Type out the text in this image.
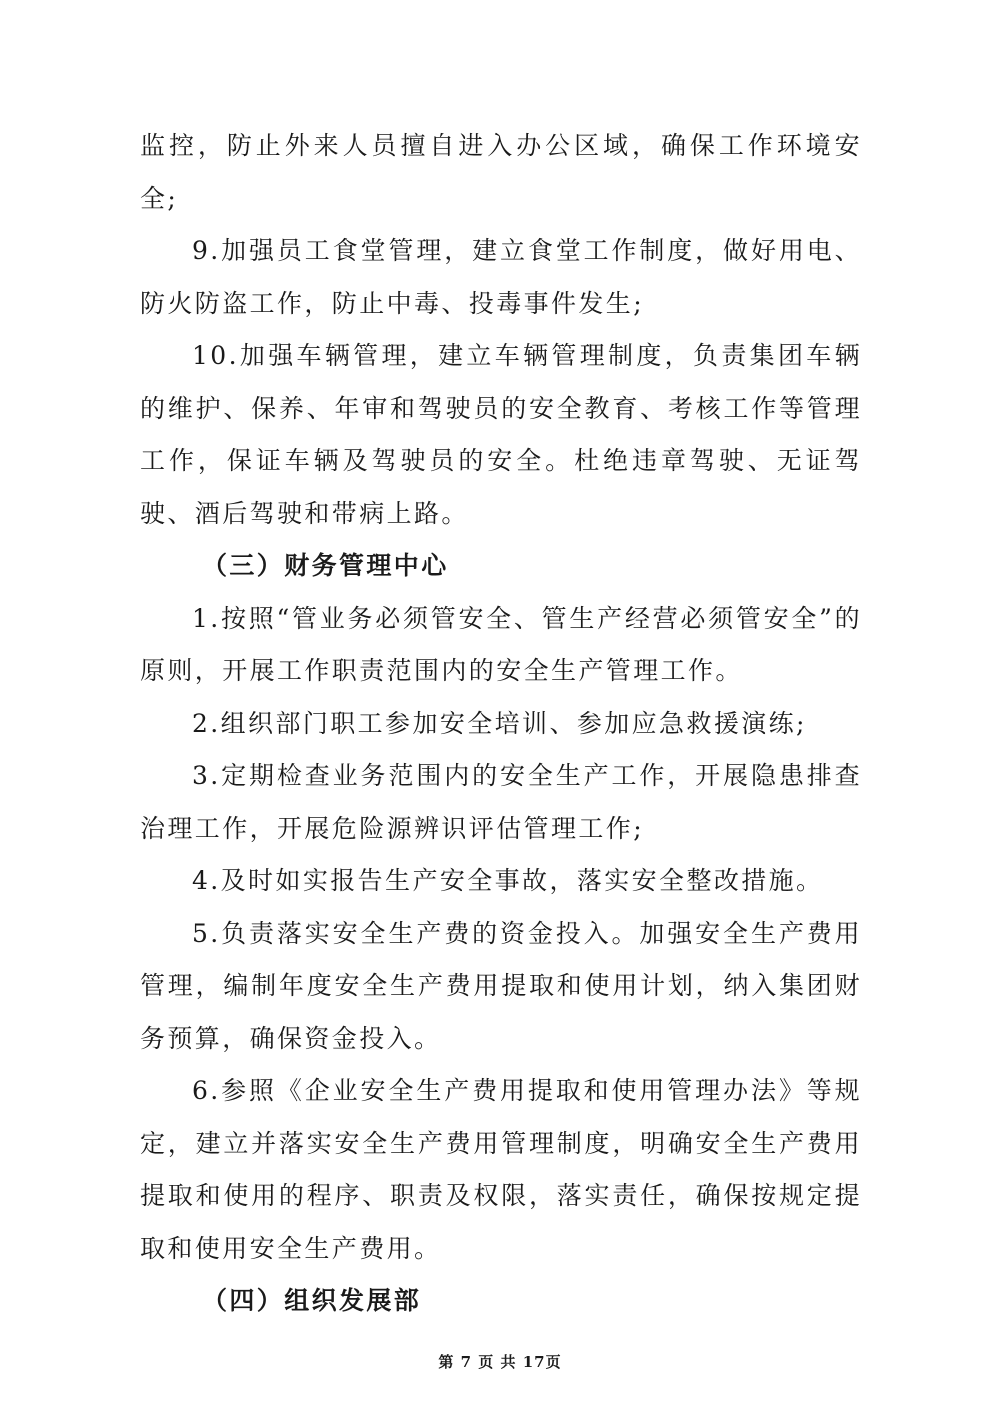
监控，防止外来人员擅自进入办公区域，确保工作环境安全;

9.加强员工食堂管理，建立食堂工作制度，做好用电、防火防盗工作，防止中毒、投毒事件发生;

10.加强车辆管理，建立车辆管理制度，负责集团车辆的维护、保养、年审和驾驶员的安全教育、考核工作等管理工作，保证车辆及驾驶员的安全。杜绝违章驾驶、无证驾驶、酒后驾驶和带病上路。

（三）财务管理中心

1.按照“管业务必须管安全、管生产经营必须管安全”的原则，开展工作职责范围内的安全生产管理工作。

2.组织部门职工参加安全培训、参加应急救援演练;

3.定期检查业务范围内的安全生产工作，开展隐患排查治理工作，开展危险源辨识评估管理工作;

4.及时如实报告生产安全事故，落实安全整改措施。

5.负责落实安全生产费的资金投入。加强安全生产费用管理，编制年度安全生产费用提取和使用计划，纳入集团财务预算，确保资金投入。

6.参照《企业安全生产费用提取和使用管理办法》等规定，建立并落实安全生产费用管理制度，明确安全生产费用提取和使用的程序、职责及权限，落实责任，确保按规定提取和使用安全生产费用。

（四）组织发展部

第 7 页 共 17页
